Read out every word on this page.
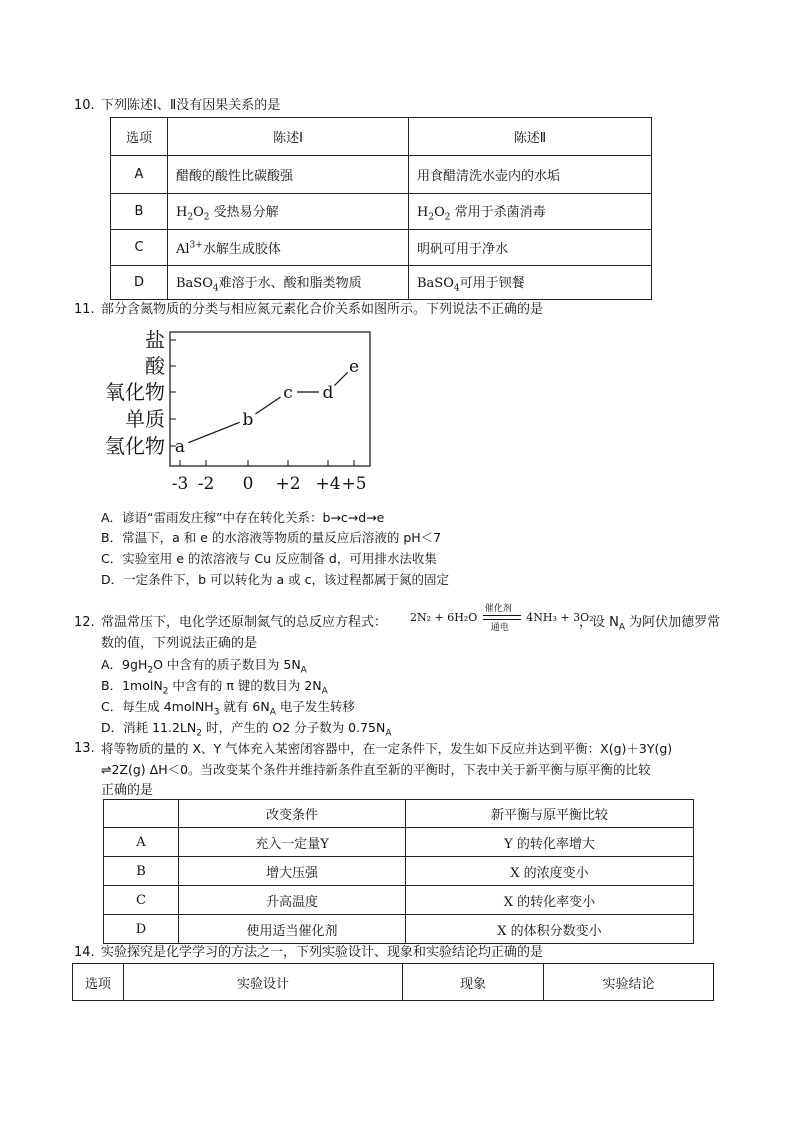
10. 下列陈述Ⅰ、Ⅱ没有因果关系的是
选项	陈述Ⅰ	陈述Ⅱ
A	醋酸的酸性比碳酸强	用食醋清洗水壶内的水垢
B	$H_2O_2$ 受热易分解	$H_2O_2$ 常用于杀菌消毒
C	$Al^{3+}$水解生成胶体	明矾可用于净水
D	BaSO$_4$难溶于水、酸和脂类物质	BaSO$_4$可用于钡餐
11. 部分含氮物质的分类与相应氮元素化合价关系如图所示。下列说法不正确的是
氢化物
单质
氧化物
酸
盐
-3 -2 0 +2 +4 +5
a
b
c d
e
A．谚语“雷雨发庄稼”中存在转化关系：b→c→d→e
B．常温下，a 和 e 的水溶液等物质的量反应后溶液的 pH＜7
C．实验室用 e 的浓溶液与 Cu 反应制备 d，可用排水法收集
D．一定条件下，b 可以转化为 a 或 c，该过程都属于氮的固定
12. 常温常压下，电化学还原制氮气的总反应方程式： 2N₂ + 6H₂O
催化剂
通电
4NH₃ + 3O₂
，设 $N_A$ 为阿伏加德罗常
数的值，下列说法正确的是
A．$9gH_2O$ 中含有的质子数目为 $5N_A$
B．1molN$_2$ 中含有的 π 键的数目为 $2N_A$
C．每生成 4molNH$_3$ 就有 $6N_A$ 电子发生转移
D．消耗 $11.2LN_2$ 时，产生的 O2 分子数为 $0.75N_A$
13. 将等物质的量的 X、Y 气体充入某密闭容器中，在一定条件下，发生如下反应并达到平衡：X(g)＋3Y(g)
⇌2Z(g) ΔH＜0。当改变某个条件并维持新条件直至新的平衡时，下表中关于新平衡与原平衡的比较
正确的是
	改变条件	新平衡与原平衡比较
A	充入一定量Y	Y 的转化率增大
B	增大压强	X 的浓度变小
C	升高温度	X 的转化率变小
D	使用适当催化剂	X 的体积分数变小
14. 实验探究是化学学习的方法之一，下列实验设计、现象和实验结论均正确的是
选项	实验设计	现象	实验结论
